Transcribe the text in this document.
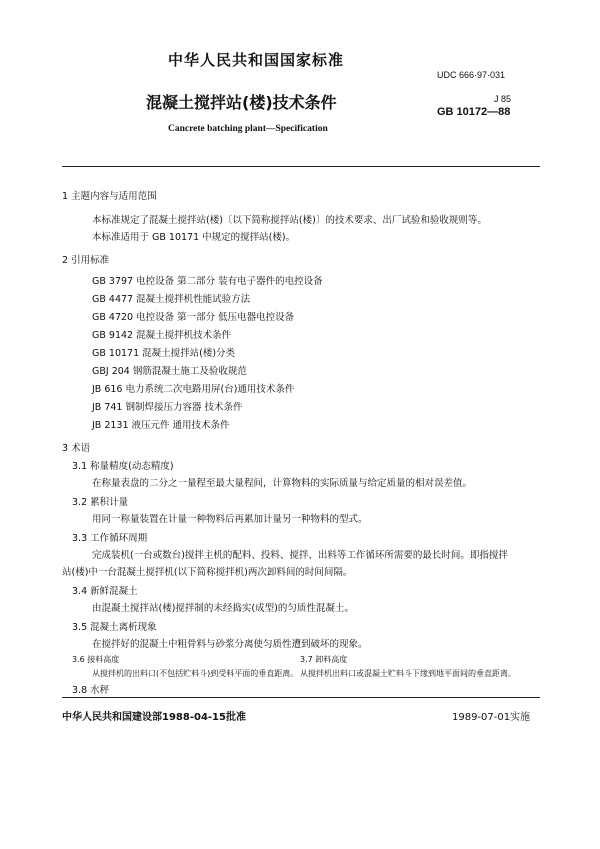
中华人民共和国国家标准
UDC 666·97·031
混凝土搅拌站(楼)技术条件	J 85
GB 10172—88
Cancrete batching plant—Specification
1 主题内容与适用范围
本标准规定了混凝土搅拌站(楼)〔以下简称搅拌站(楼)〕的技术要求、出厂试验和验收规则等。
本标准适用于 GB 10171 中规定的搅拌站(楼)。
2 引用标准
GB 3797 电控设备 第二部分 装有电子器件的电控设备
GB 4477 混凝土搅拌机性能试验方法
GB 4720 电控设备 第一部分 低压电器电控设备
GB 9142 混凝土搅拌机技术条件
GB 10171 混凝土搅拌站(楼)分类
GBJ 204 钢筋混凝土施工及验收规范
JB 616 电力系统二次电路用屏(台)通用技术条件
JB 741 钢制焊接压力容器 技术条件
JB 2131 液压元件 通用技术条件
3 术语
3.1 称量精度(动态精度)
在称量表盘的二分之一量程至最大量程间，计算物料的实际质量与给定质量的相对误差值。
3.2 累积计量
用同一称量装置在计量一种物料后再累加计量另一种物料的型式。
3.3 工作循环周期
完成装机(一台或数台)搅拌主机的配料、投料、搅拌、出料等工作循环所需要的最长时间。即指搅拌
站(楼)中一台混凝土搅拌机(以下简称搅拌机)两次卸料间的时间间隔。
3.4 新鲜混凝土
由混凝土搅拌站(楼)搅拌制的未经捣实(成型)的匀质性混凝土。
3.5 混凝土离析现象
在搅拌好的混凝土中粗骨料与砂浆分离使匀质性遭到破坏的现象。
中华人民共和国建设部1988-04-15批准	1989-07-01实施
3.6 接料高度
从搅拌机的出料口(不包括贮料斗)到受料平面的垂直距离。
3.7 卸料高度
从搅拌机出料口或混凝土贮料斗下缘到地平面间的垂直距离。
3.8 水秤
